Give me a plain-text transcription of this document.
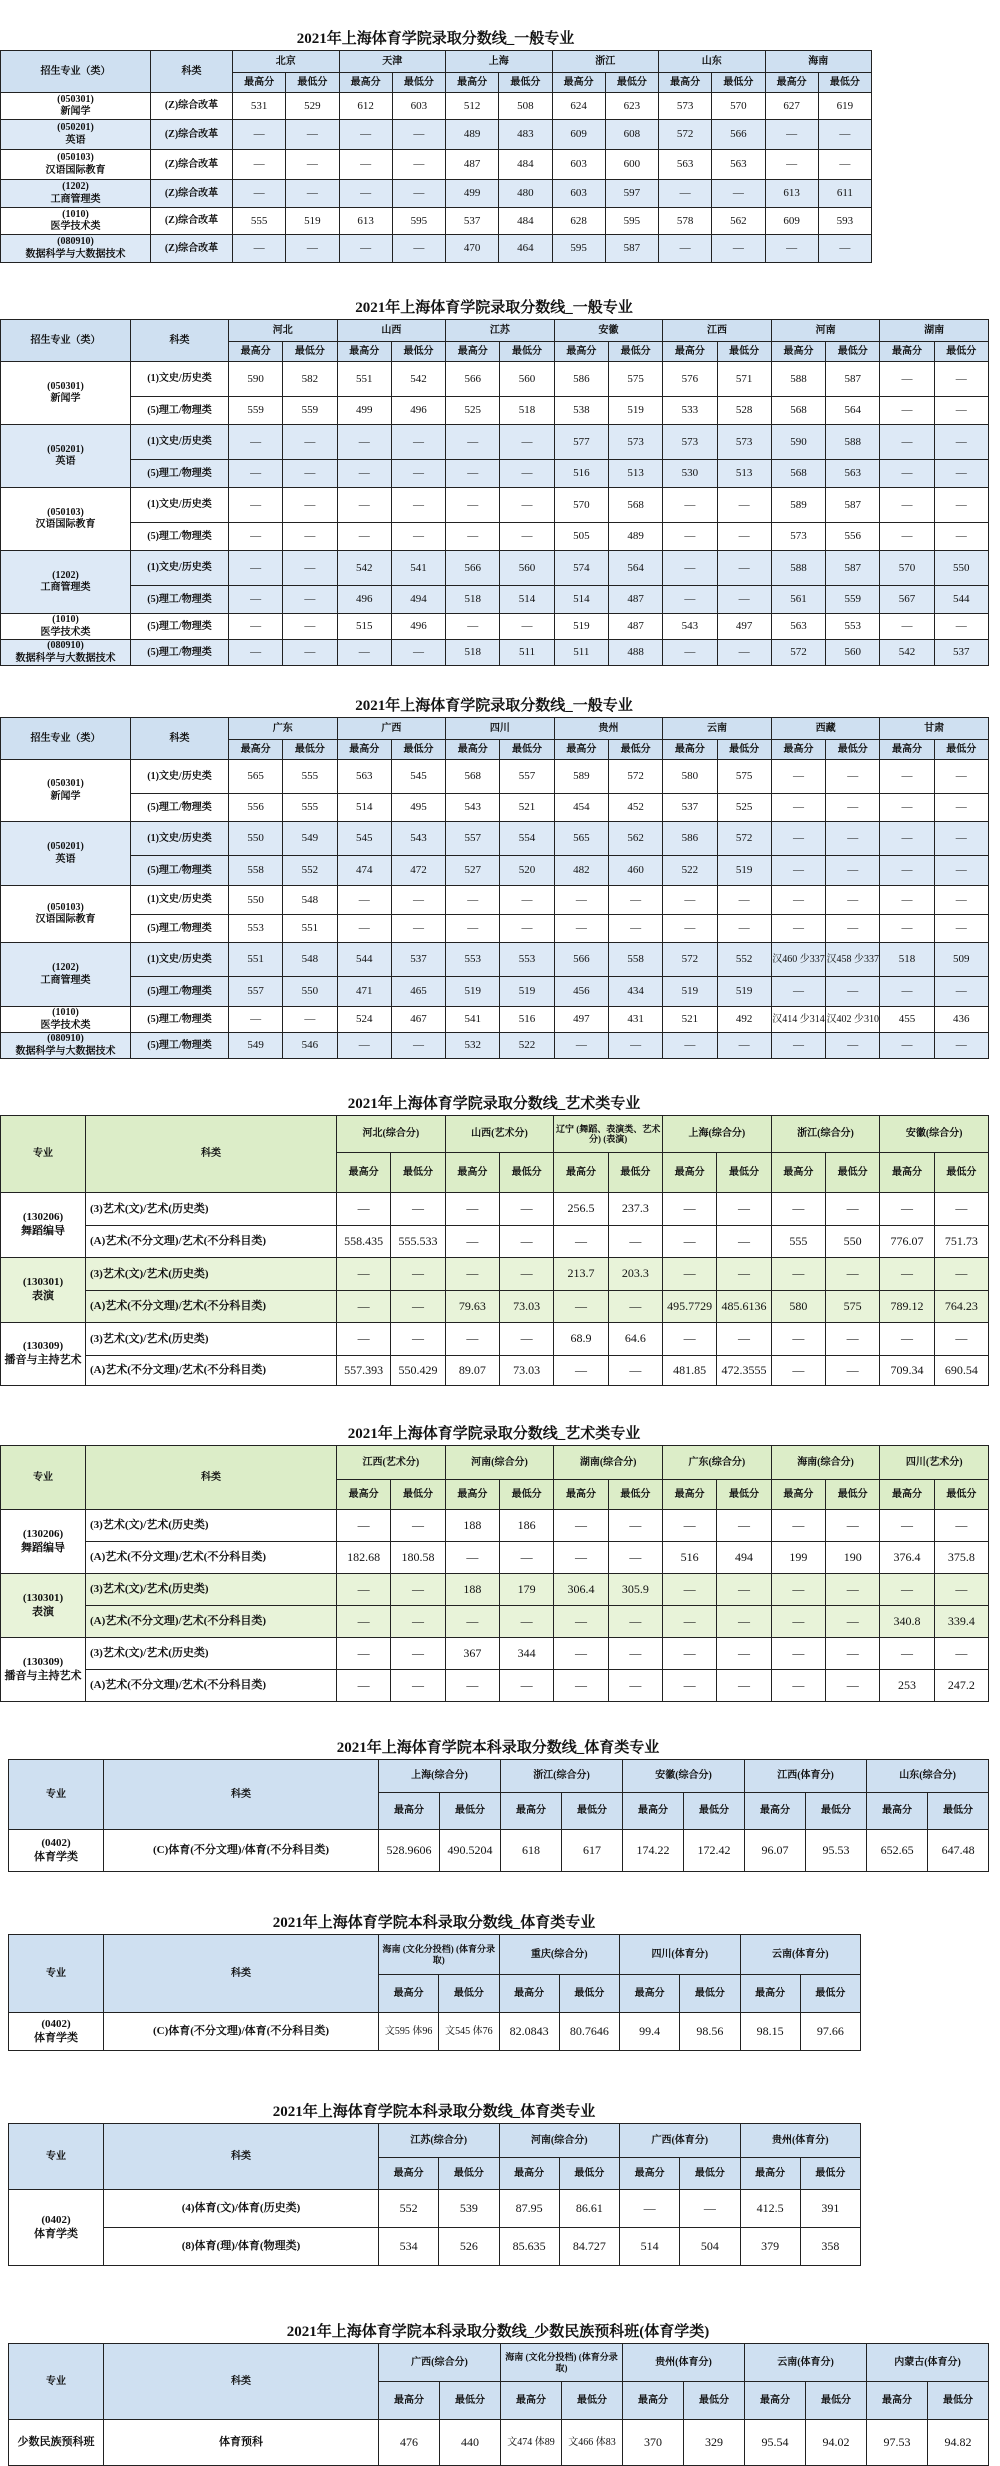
2021年上海体育学院录取分数线_一般专业
招生专业（类）	科类	北京		天津		上海		浙江		山东		海南	
		最高分	最低分	最高分	最低分	最高分	最低分	最高分	最低分	最高分	最低分	最高分	最低分

(050301)
新闻学	(Z)综合改革	531	529	612	603	512	508	624	623	573	570	627	619

(050201)
英语	(Z)综合改革	—	—	—	—	489	483	609	608	572	566	—	—

(050103)
汉语国际教育	(Z)综合改革	—	—	—	—	487	484	603	600	563	563	—	—

(1202)
工商管理类	(Z)综合改革	—	—	—	—	499	480	603	597	—	—	613	611

(1010)
医学技术类	(Z)综合改革	555	519	613	595	537	484	628	595	578	562	609	593

(080910)
数据科学与大数据技术	(Z)综合改革	—	—	—	—	470	464	595	587	—	—	—	—
2021年上海体育学院录取分数线_一般专业
招生专业（类）	科类	河北		山西		江苏		安徽		江西		河南		湖南	
		最高分	最低分	最高分	最低分	最高分	最低分	最高分	最低分	最高分	最低分	最高分	最低分	最高分	最低分

(050301)
新闻学	(1)文史/历史类	590	582	551	542	566	560	586	575	576	571	588	587	—	—
	(5)理工/物理类	559	559	499	496	525	518	538	519	533	528	568	564	—	—

(050201)
英语	(1)文史/历史类	—	—	—	—	—	—	577	573	573	573	590	588	—	—
	(5)理工/物理类	—	—	—	—	—	—	516	513	530	513	568	563	—	—

(050103)
汉语国际教育	(1)文史/历史类	—	—	—	—	—	—	570	568	—	—	589	587	—	—
	(5)理工/物理类	—	—	—	—	—	—	505	489	—	—	573	556	—	—

(1202)
工商管理类	(1)文史/历史类	—	—	542	541	566	560	574	564	—	—	588	587	570	550
	(5)理工/物理类	—	—	496	494	518	514	514	487	—	—	561	559	567	544

(1010)
医学技术类	(5)理工/物理类	—	—	515	496	—	—	519	487	543	497	563	553	—	—

(080910)
数据科学与大数据技术	(5)理工/物理类	—	—	—	—	518	511	511	488	—	—	572	560	542	537
2021年上海体育学院录取分数线_一般专业
招生专业（类）	科类	广东		广西		四川		贵州		云南		西藏		甘肃	
		最高分	最低分	最高分	最低分	最高分	最低分	最高分	最低分	最高分	最低分	最高分	最低分	最高分	最低分

(050301)
新闻学	(1)文史/历史类	565	555	563	545	568	557	589	572	580	575	—	—	—	—
	(5)理工/物理类	556	555	514	495	543	521	454	452	537	525	—	—	—	—

(050201)
英语	(1)文史/历史类	550	549	545	543	557	554	565	562	586	572	—	—	—	—
	(5)理工/物理类	558	552	474	472	527	520	482	460	522	519	—	—	—	—

(050103)
汉语国际教育	(1)文史/历史类	550	548	—	—	—	—	—	—	—	—	—	—	—	—
	(5)理工/物理类	553	551	—	—	—	—	—	—	—	—	—	—	—	—

(1202)
工商管理类	(1)文史/历史类	551	548	544	537	553	553	566	558	572	552	汉460 少337	汉458 少337	518	509
	(5)理工/物理类	557	550	471	465	519	519	456	434	519	519	—	—	—	—

(1010)
医学技术类	(5)理工/物理类	—	—	524	467	541	516	497	431	521	492	汉414 少314	汉402 少310	455	436

(080910)
数据科学与大数据技术	(5)理工/物理类	549	546	—	—	532	522	—	—	—	—	—	—	—	—
2021年上海体育学院录取分数线_艺术类专业
专业	科类	河北(综合分)		山西(艺术分)		辽宁 (舞蹈、表演类、艺术分) (表演)		上海(综合分)		浙江(综合分)		安徽(综合分)	
		最高分	最低分	最高分	最低分	最高分	最低分	最高分	最低分	最高分	最低分	最高分	最低分

(130206)
舞蹈编导	(3)艺术(文)/艺术(历史类)	—	—	—	—	256.5	237.3	—	—	—	—	—	—
	(A)艺术(不分文理)/艺术(不分科目类)	558.435	555.533	—	—	—	—	—	—	555	550	776.07	751.73

(130301)
表演	(3)艺术(文)/艺术(历史类)	—	—	—	—	213.7	203.3	—	—	—	—	—	—
	(A)艺术(不分文理)/艺术(不分科目类)	—	—	79.63	73.03	—	—	495.7729	485.6136	580	575	789.12	764.23

(130309)
播音与主持艺术	(3)艺术(文)/艺术(历史类)	—	—	—	—	68.9	64.6	—	—	—	—	—	—
	(A)艺术(不分文理)/艺术(不分科目类)	557.393	550.429	89.07	73.03	—	—	481.85	472.3555	—	—	709.34	690.54
2021年上海体育学院录取分数线_艺术类专业
专业	科类	江西(艺术分)		河南(综合分)		湖南(综合分)		广东(综合分)		海南(综合分)		四川(艺术分)	
		最高分	最低分	最高分	最低分	最高分	最低分	最高分	最低分	最高分	最低分	最高分	最低分

(130206)
舞蹈编导	(3)艺术(文)/艺术(历史类)	—	—	188	186	—	—	—	—	—	—	—	—
	(A)艺术(不分文理)/艺术(不分科目类)	182.68	180.58	—	—	—	—	516	494	199	190	376.4	375.8

(130301)
表演	(3)艺术(文)/艺术(历史类)	—	—	188	179	306.4	305.9	—	—	—	—	—	—
	(A)艺术(不分文理)/艺术(不分科目类)	—	—	—	—	—	—	—	—	—	—	340.8	339.4

(130309)
播音与主持艺术	(3)艺术(文)/艺术(历史类)	—	—	367	344	—	—	—	—	—	—	—	—
	(A)艺术(不分文理)/艺术(不分科目类)	—	—	—	—	—	—	—	—	—	—	253	247.2
2021年上海体育学院本科录取分数线_体育类专业
专业	科类	上海(综合分)		浙江(综合分)		安徽(综合分)		江西(体育分)		山东(综合分)	
		最高分	最低分	最高分	最低分	最高分	最低分	最高分	最低分	最高分	最低分

(0402)
体育学类	(C)体育(不分文理)/体育(不分科目类)	528.9606	490.5204	618	617	174.22	172.42	96.07	95.53	652.65	647.48
2021年上海体育学院本科录取分数线_体育类专业
专业	科类	海南 (文化分投档) (体育分录取)		重庆(综合分)		四川(体育分)		云南(体育分)	
		最高分	最低分	最高分	最低分	最高分	最低分	最高分	最低分

(0402)
体育学类	(C)体育(不分文理)/体育(不分科目类)	文595 体96	文545 体76	82.0843	80.7646	99.4	98.56	98.15	97.66
2021年上海体育学院本科录取分数线_体育类专业
专业	科类	江苏(综合分)		河南(综合分)		广西(体育分)		贵州(体育分)	
		最高分	最低分	最高分	最低分	最高分	最低分	最高分	最低分

(0402)
体育学类	(4)体育(文)/体育(历史类)	552	539	87.95	86.61	—	—	412.5	391
	(8)体育(理)/体育(物理类)	534	526	85.635	84.727	514	504	379	358
2021年上海体育学院本科录取分数线_少数民族预科班(体育学类)
专业	科类	广西(综合分)		海南 (文化分投档) (体育分录取)		贵州(体育分)		云南(体育分)		内蒙古(体育分)	
		最高分	最低分	最高分	最低分	最高分	最低分	最高分	最低分	最高分	最低分

少数民族预科班	体育预科	476	440	文474 体89	文466 体83	370	329	95.54	94.02	97.53	94.82
